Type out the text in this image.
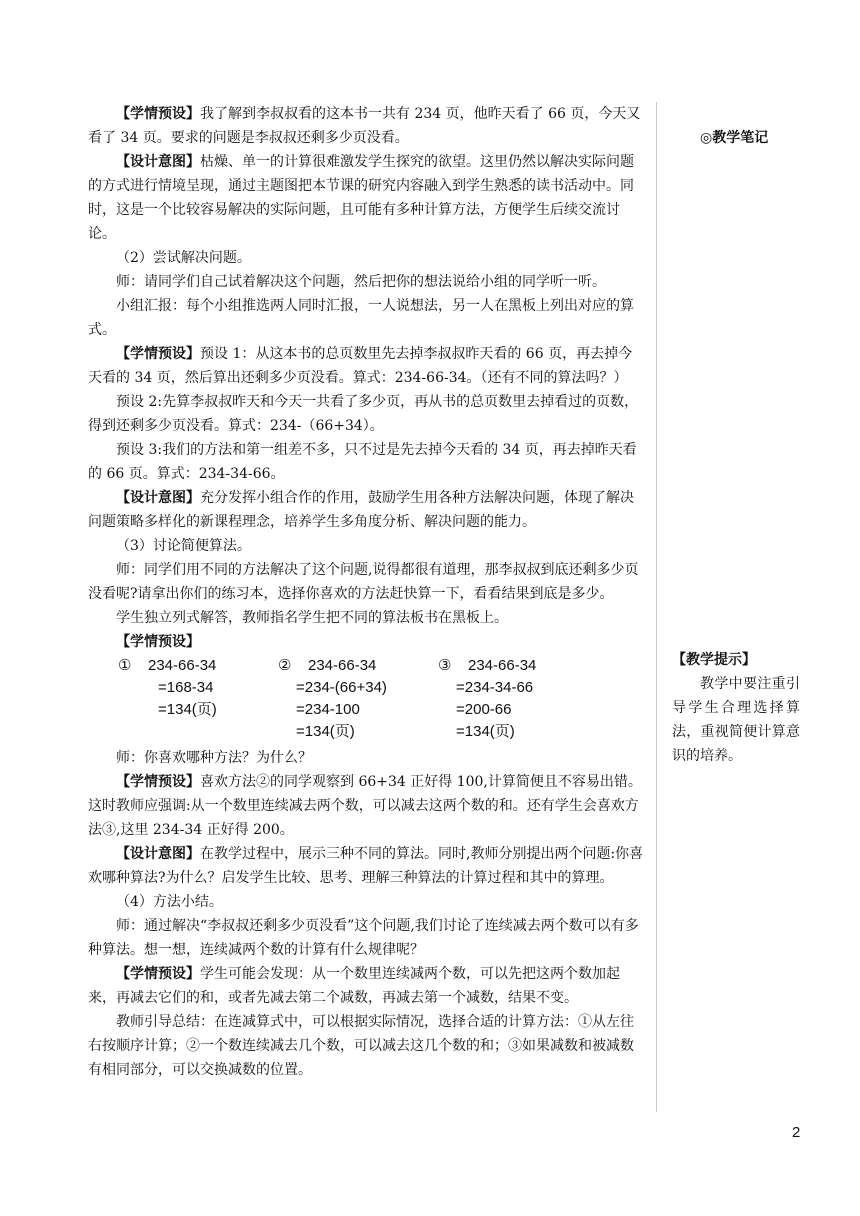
【学情预设】我了解到李叔叔看的这本书一共有 234 页，他昨天看了 66 页，今天又看了 34 页。要求的问题是李叔叔还剩多少页没看。

【设计意图】枯燥、单一的计算很难激发学生探究的欲望。这里仍然以解决实际问题的方式进行情境呈现，通过主题图把本节课的研究内容融入到学生熟悉的读书活动中。同时，这是一个比较容易解决的实际问题，且可能有多种计算方法，方便学生后续交流讨论。

（2）尝试解决问题。

师：请同学们自己试着解决这个问题，然后把你的想法说给小组的同学听一听。

小组汇报：每个小组推选两人同时汇报，一人说想法，另一人在黑板上列出对应的算式。

【学情预设】预设 1：从这本书的总页数里先去掉李叔叔昨天看的 66 页，再去掉今天看的 34 页，然后算出还剩多少页没看。算式：234-66-34。（还有不同的算法吗？）

预设 2:先算李叔叔昨天和今天一共看了多少页，再从书的总页数里去掉看过的页数，得到还剩多少页没看。算式：234-（66+34）。

预设 3:我们的方法和第一组差不多，只不过是先去掉今天看的 34 页，再去掉昨天看的 66 页。算式：234-34-66。

【设计意图】充分发挥小组合作的作用，鼓励学生用各种方法解决问题，体现了解决问题策略多样化的新课程理念，培养学生多角度分析、解决问题的能力。

（3）讨论简便算法。

师：同学们用不同的方法解决了这个问题,说得都很有道理，那李叔叔到底还剩多少页没看呢?请拿出你们的练习本，选择你喜欢的方法赶快算一下，看看结果到底是多少。

学生独立列式解答，教师指名学生把不同的算法板书在黑板上。

【学情预设】

① 234-66-34
=168-34
=134(页)
② 234-66-34
=234-(66+34)
=234-100
=134(页)
③ 234-66-34
=234-34-66
=200-66
=134(页)

师：你喜欢哪种方法？为什么？

【学情预设】喜欢方法②的同学观察到 66+34 正好得 100,计算简便且不容易出错。这时教师应强调:从一个数里连续减去两个数，可以减去这两个数的和。还有学生会喜欢方法③,这里 234-34 正好得 200。

【设计意图】在教学过程中，展示三种不同的算法。同时,教师分别提出两个问题:你喜欢哪种算法?为什么？启发学生比较、思考、理解三种算法的计算过程和其中的算理。

（4）方法小结。

师：通过解决“李叔叔还剩多少页没看”这个问题,我们讨论了连续减去两个数可以有多种算法。想一想，连续减两个数的计算有什么规律呢？

【学情预设】学生可能会发现：从一个数里连续减两个数，可以先把这两个数加起来，再减去它们的和，或者先减去第二个减数，再减去第一个减数，结果不变。

教师引导总结：在连减算式中，可以根据实际情况，选择合适的计算方法：①从左往右按顺序计算；②一个数连续减去几个数，可以减去这几个数的和；③如果减数和被减数有相同部分，可以交换减数的位置。

◎教学笔记
【教学提示】
教学中要注重引导学生合理选择算法，重视简便计算意识的培养。
2
